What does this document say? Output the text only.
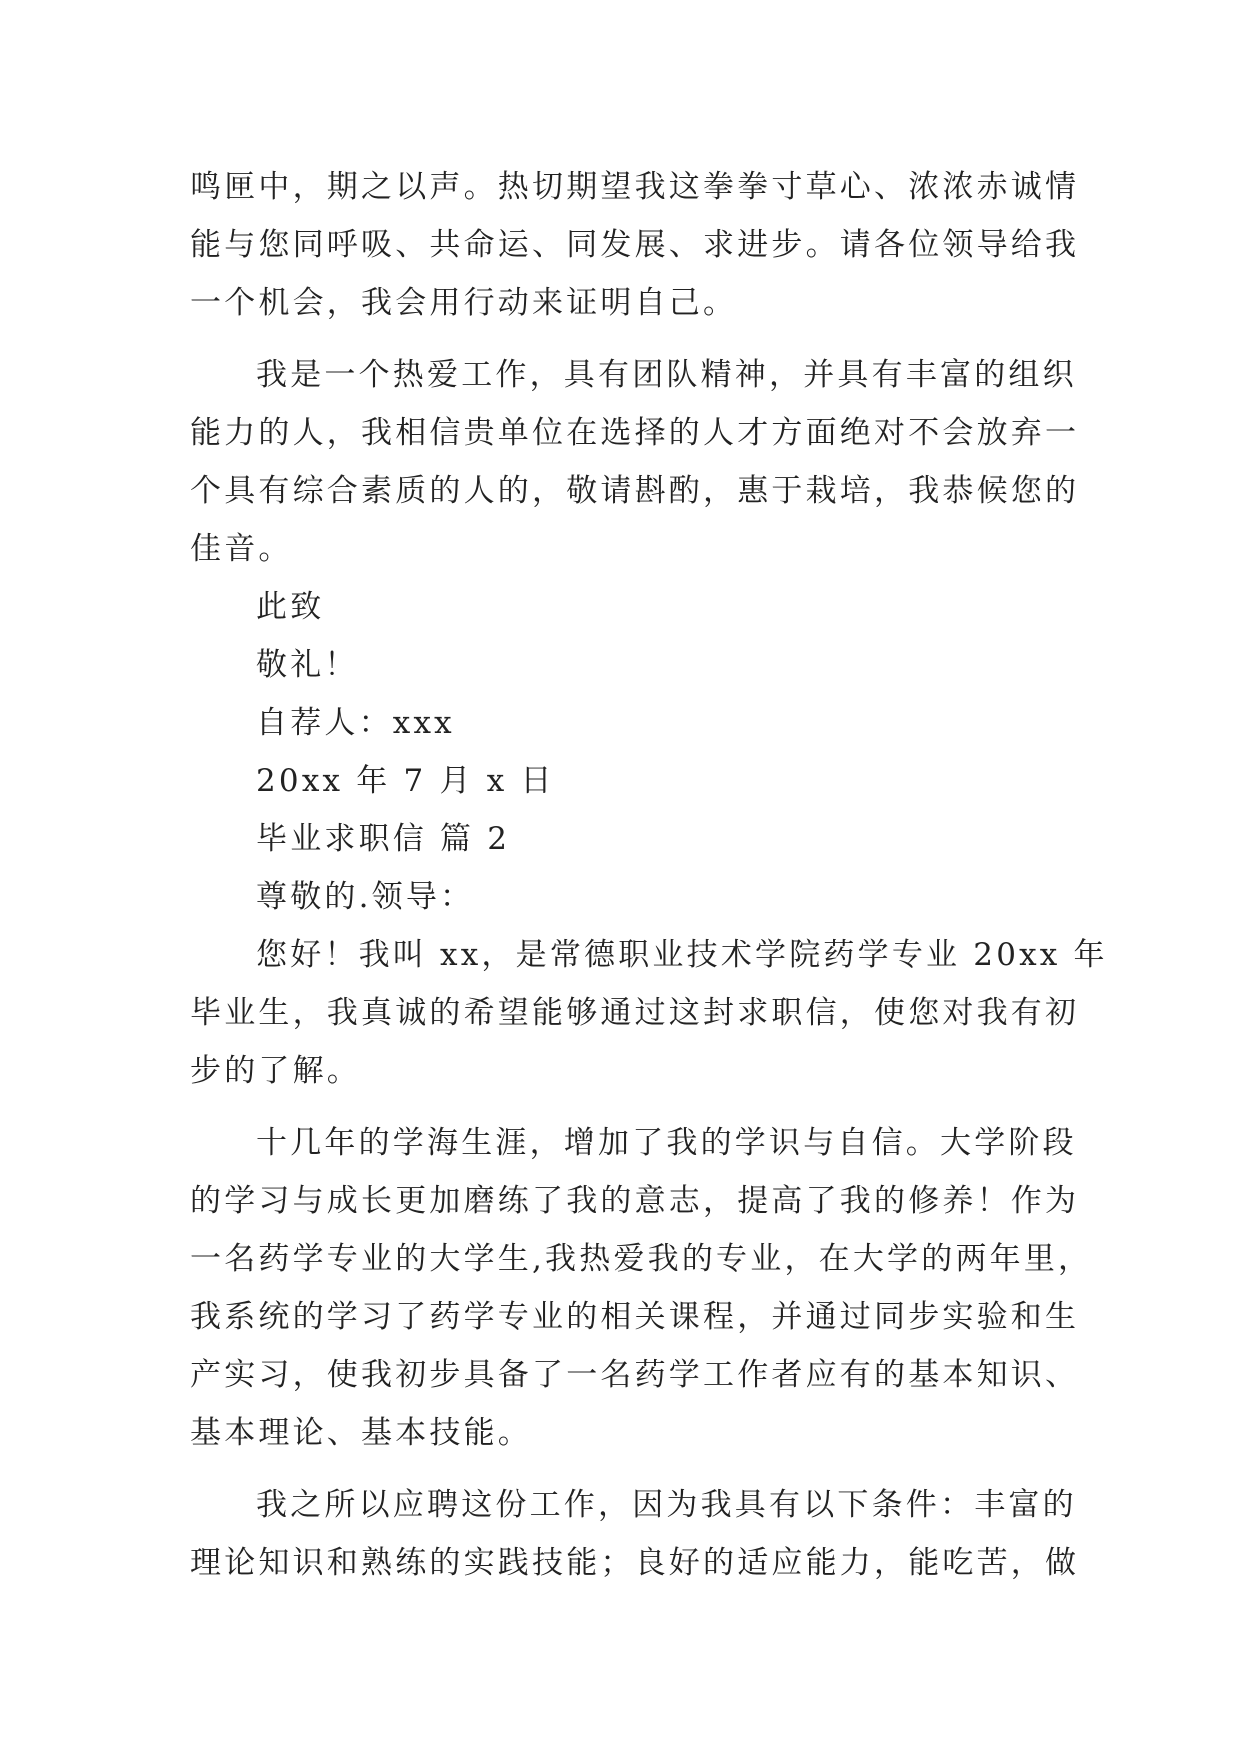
鸣匣中，期之以声。热切期望我这拳拳寸草心、浓浓赤诚情
能与您同呼吸、共命运、同发展、求进步。请各位领导给我
一个机会，我会用行动来证明自己。
我是一个热爱工作，具有团队精神，并具有丰富的组织
能力的人，我相信贵单位在选择的人才方面绝对不会放弃一
个具有综合素质的人的，敬请斟酌，惠于栽培，我恭候您的
佳音。
此致
敬礼！
自荐人：xxx
20xx 年 7 月 x 日
毕业求职信 篇 2
尊敬的.领导：
您好！我叫 xx，是常德职业技术学院药学专业 20xx 年
毕业生，我真诚的希望能够通过这封求职信，使您对我有初
步的了解。
十几年的学海生涯，增加了我的学识与自信。大学阶段
的学习与成长更加磨练了我的意志，提高了我的修养！作为
一名药学专业的大学生,我热爱我的专业，在大学的两年里，
我系统的学习了药学专业的相关课程，并通过同步实验和生
产实习，使我初步具备了一名药学工作者应有的基本知识、
基本理论、基本技能。
我之所以应聘这份工作，因为我具有以下条件：丰富的
理论知识和熟练的实践技能；良好的适应能力，能吃苦，做
